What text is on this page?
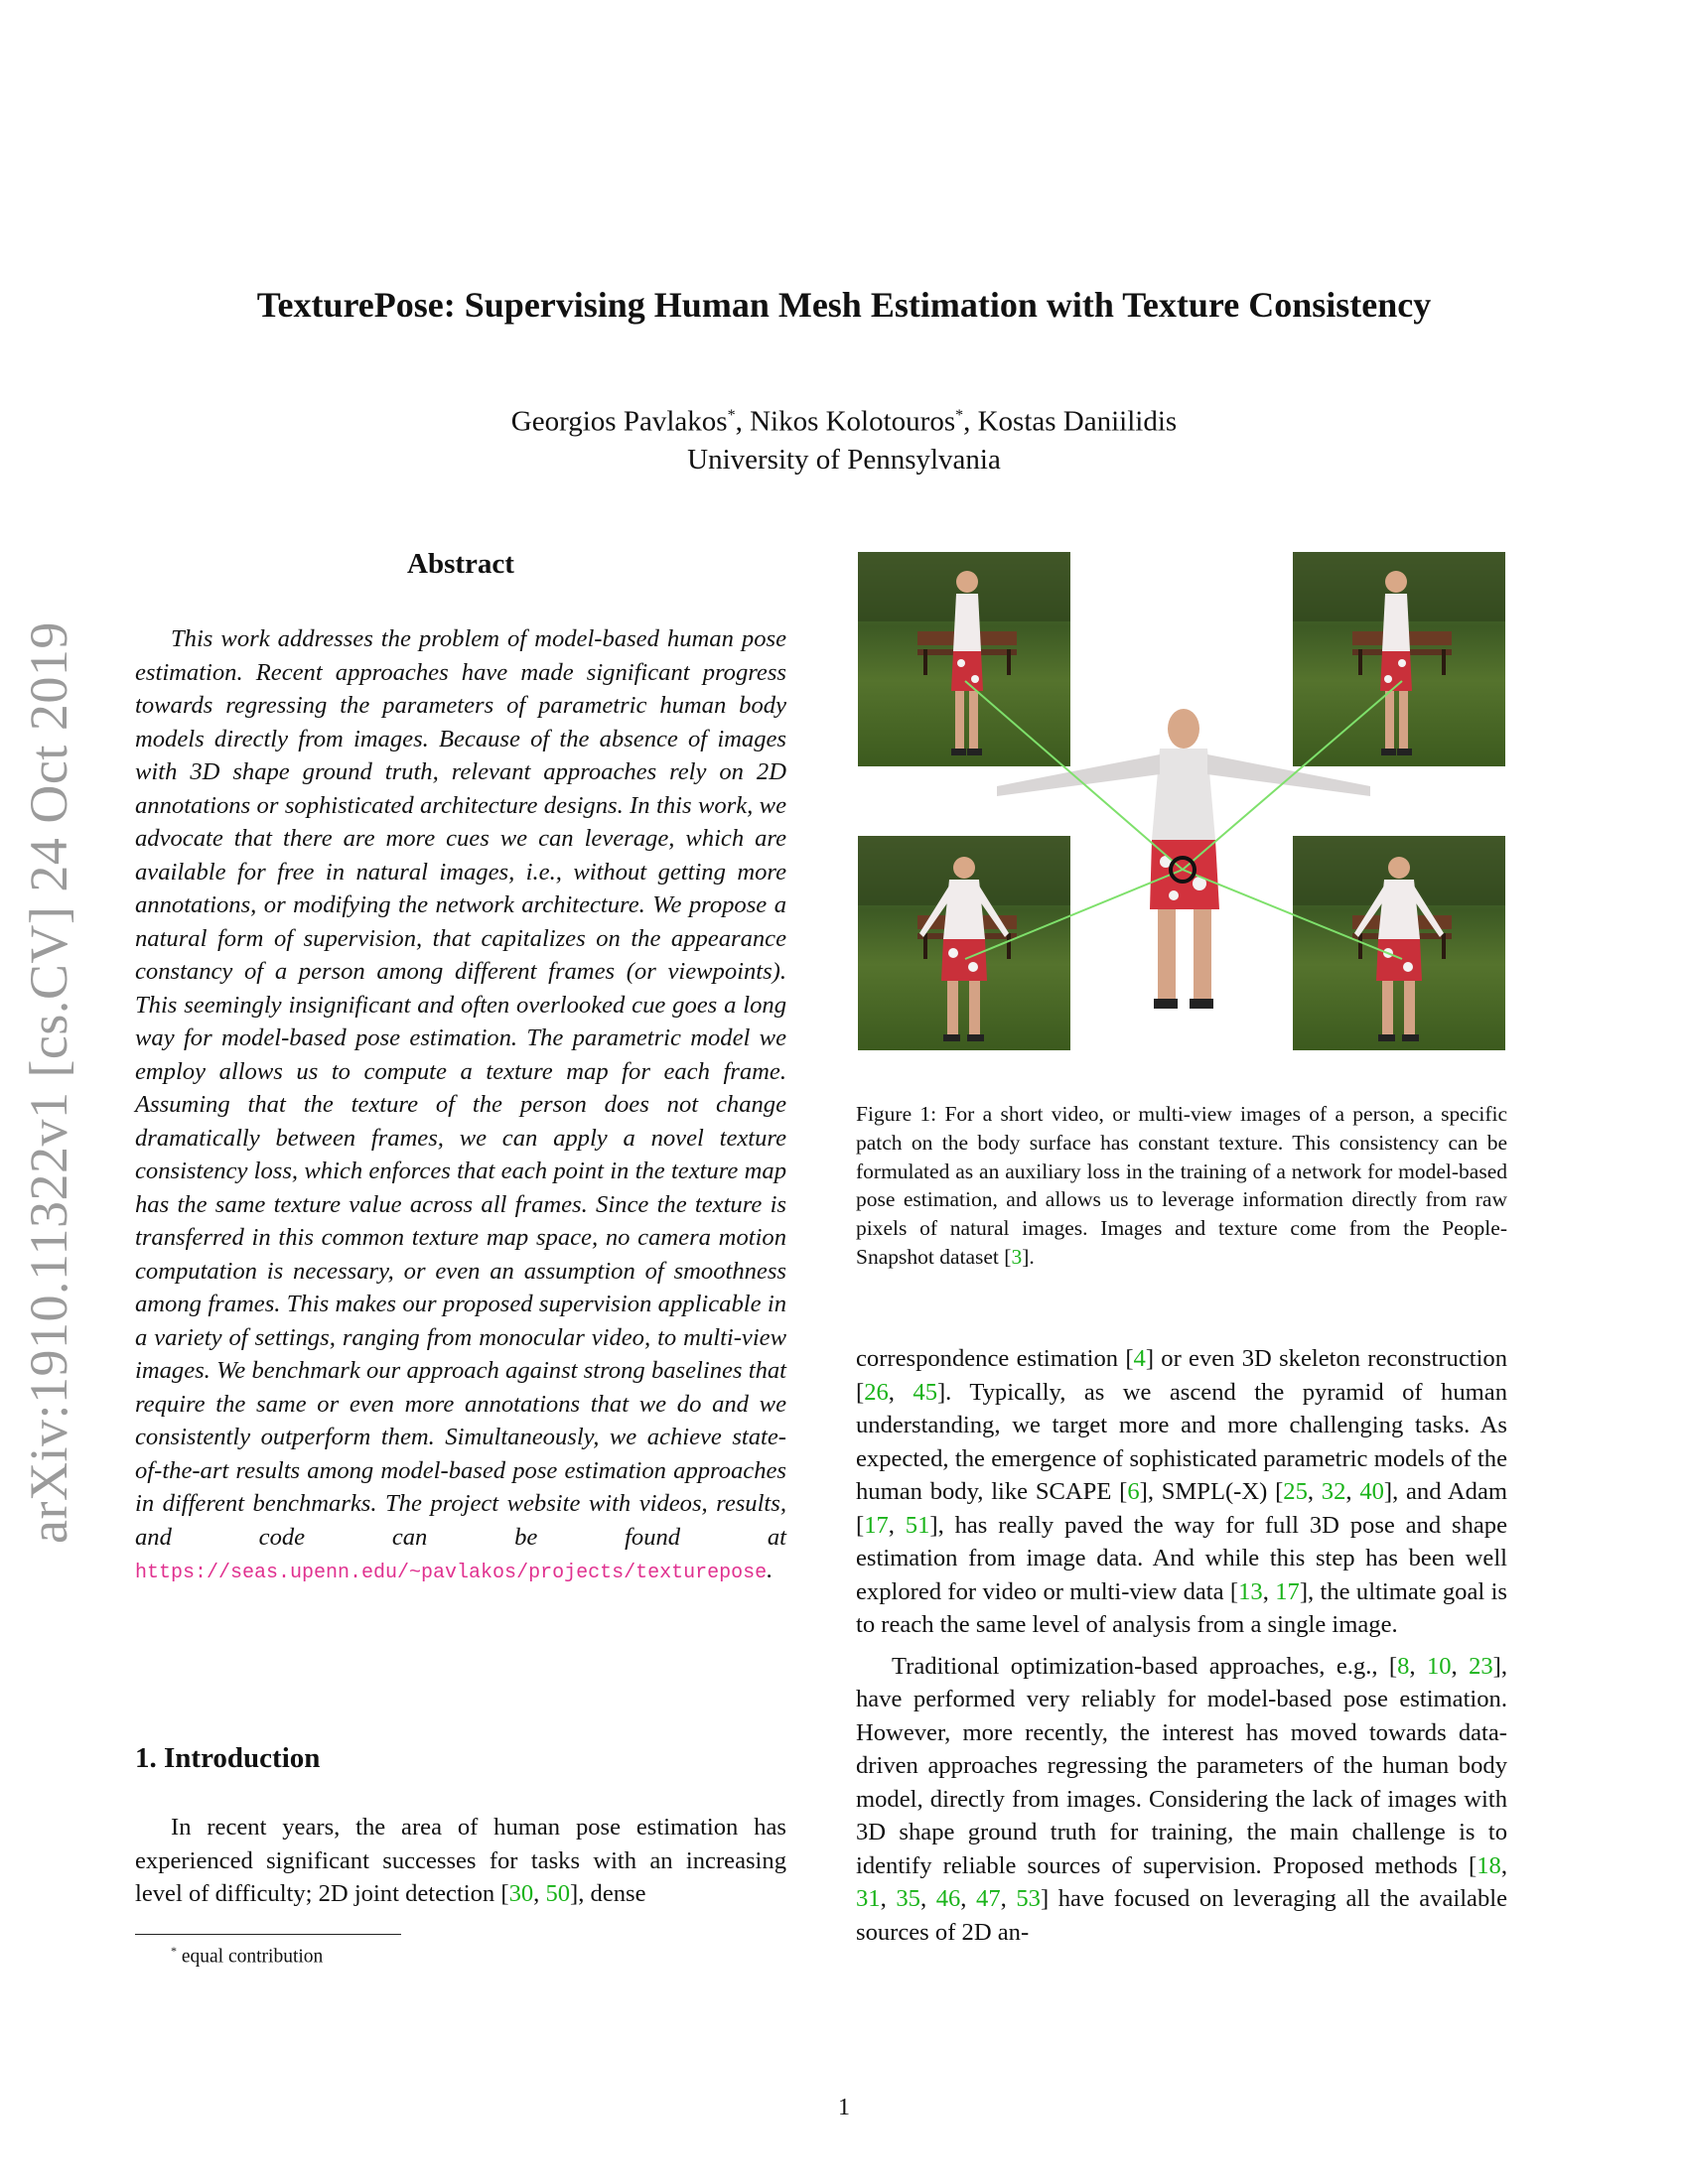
arXiv:1910.11322v1 [cs.CV] 24 Oct 2019
TexturePose: Supervising Human Mesh Estimation with Texture Consistency
Georgios Pavlakos*, Nikos Kolotouros*, Kostas Daniilidis
University of Pennsylvania
Abstract
This work addresses the problem of model-based human pose estimation. Recent approaches have made significant progress towards regressing the parameters of parametric human body models directly from images. Because of the absence of images with 3D shape ground truth, relevant approaches rely on 2D annotations or sophisticated architecture designs. In this work, we advocate that there are more cues we can leverage, which are available for free in natural images, i.e., without getting more annotations, or modifying the network architecture. We propose a natural form of supervision, that capitalizes on the appearance constancy of a person among different frames (or viewpoints). This seemingly insignificant and often overlooked cue goes a long way for model-based pose estimation. The parametric model we employ allows us to compute a texture map for each frame. Assuming that the texture of the person does not change dramatically between frames, we can apply a novel texture consistency loss, which enforces that each point in the texture map has the same texture value across all frames. Since the texture is transferred in this common texture map space, no camera motion computation is necessary, or even an assumption of smoothness among frames. This makes our proposed supervision applicable in a variety of settings, ranging from monocular video, to multi-view images. We benchmark our approach against strong baselines that require the same or even more annotations that we do and we consistently outperform them. Simultaneously, we achieve state-of-the-art results among model-based pose estimation approaches in different benchmarks. The project website with videos, results, and code can be found at https://seas.upenn.edu/~pavlakos/projects/texturepose.
1. Introduction
In recent years, the area of human pose estimation has experienced significant successes for tasks with an increasing level of difficulty; 2D joint detection [30, 50], dense
* equal contribution
Figure 1: For a short video, or multi-view images of a person, a specific patch on the body surface has constant texture. This consistency can be formulated as an auxiliary loss in the training of a network for model-based pose estimation, and allows us to leverage information directly from raw pixels of natural images. Images and texture come from the People-Snapshot dataset [3].

correspondence estimation [4] or even 3D skeleton reconstruction [26, 45]. Typically, as we ascend the pyramid of human understanding, we target more and more challenging tasks. As expected, the emergence of sophisticated parametric models of the human body, like SCAPE [6], SMPL(-X) [25, 32, 40], and Adam [17, 51], has really paved the way for full 3D pose and shape estimation from image data. And while this step has been well explored for video or multi-view data [13, 17], the ultimate goal is to reach the same level of analysis from a single image.

Traditional optimization-based approaches, e.g., [8, 10, 23], have performed very reliably for model-based pose estimation. However, more recently, the interest has moved towards data-driven approaches regressing the parameters of the human body model, directly from images. Considering the lack of images with 3D shape ground truth for training, the main challenge is to identify reliable sources of supervision. Proposed methods [18, 31, 35, 46, 47, 53] have focused on leveraging all the available sources of 2D an-

1
